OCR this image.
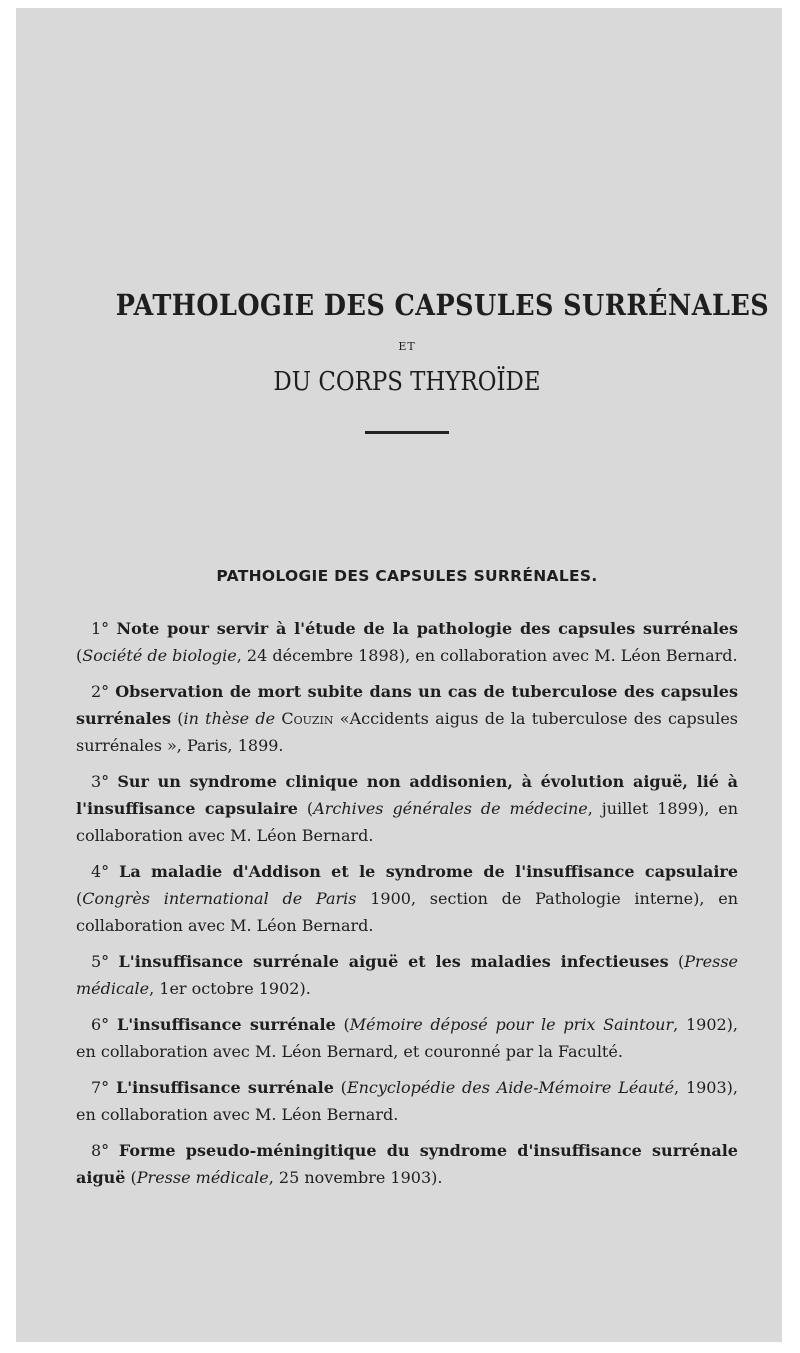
PATHOLOGIE DES CAPSULES SURRÉNALES
ET
DU CORPS THYROÏDE
PATHOLOGIE DES CAPSULES SURRÉNALES.

1° Note pour servir à l'étude de la pathologie des capsules surrénales (Société de biologie, 24 décembre 1898), en collaboration avec M. Léon Bernard.

2° Observation de mort subite dans un cas de tuberculose des capsules surrénales (in thèse de Couzin «Accidents aigus de la tuberculose des capsules surrénales », Paris, 1899.

3° Sur un syndrome clinique non addisonien, à évolution aiguë, lié à l'insuffisance capsulaire (Archives générales de médecine, juillet 1899), en collaboration avec M. Léon Bernard.

4° La maladie d'Addison et le syndrome de l'insuffisance capsulaire (Congrès international de Paris 1900, section de Pathologie interne), en collaboration avec M. Léon Bernard.

5° L'insuffisance surrénale aiguë et les maladies infectieuses (Presse médicale, 1er octobre 1902).

6° L'insuffisance surrénale (Mémoire déposé pour le prix Saintour, 1902), en collaboration avec M. Léon Bernard, et couronné par la Faculté.

7° L'insuffisance surrénale (Encyclopédie des Aide-Mémoire Léauté, 1903), en collaboration avec M. Léon Bernard.

8° Forme pseudo-méningitique du syndrome d'insuffisance surrénale aiguë (Presse médicale, 25 novembre 1903).
